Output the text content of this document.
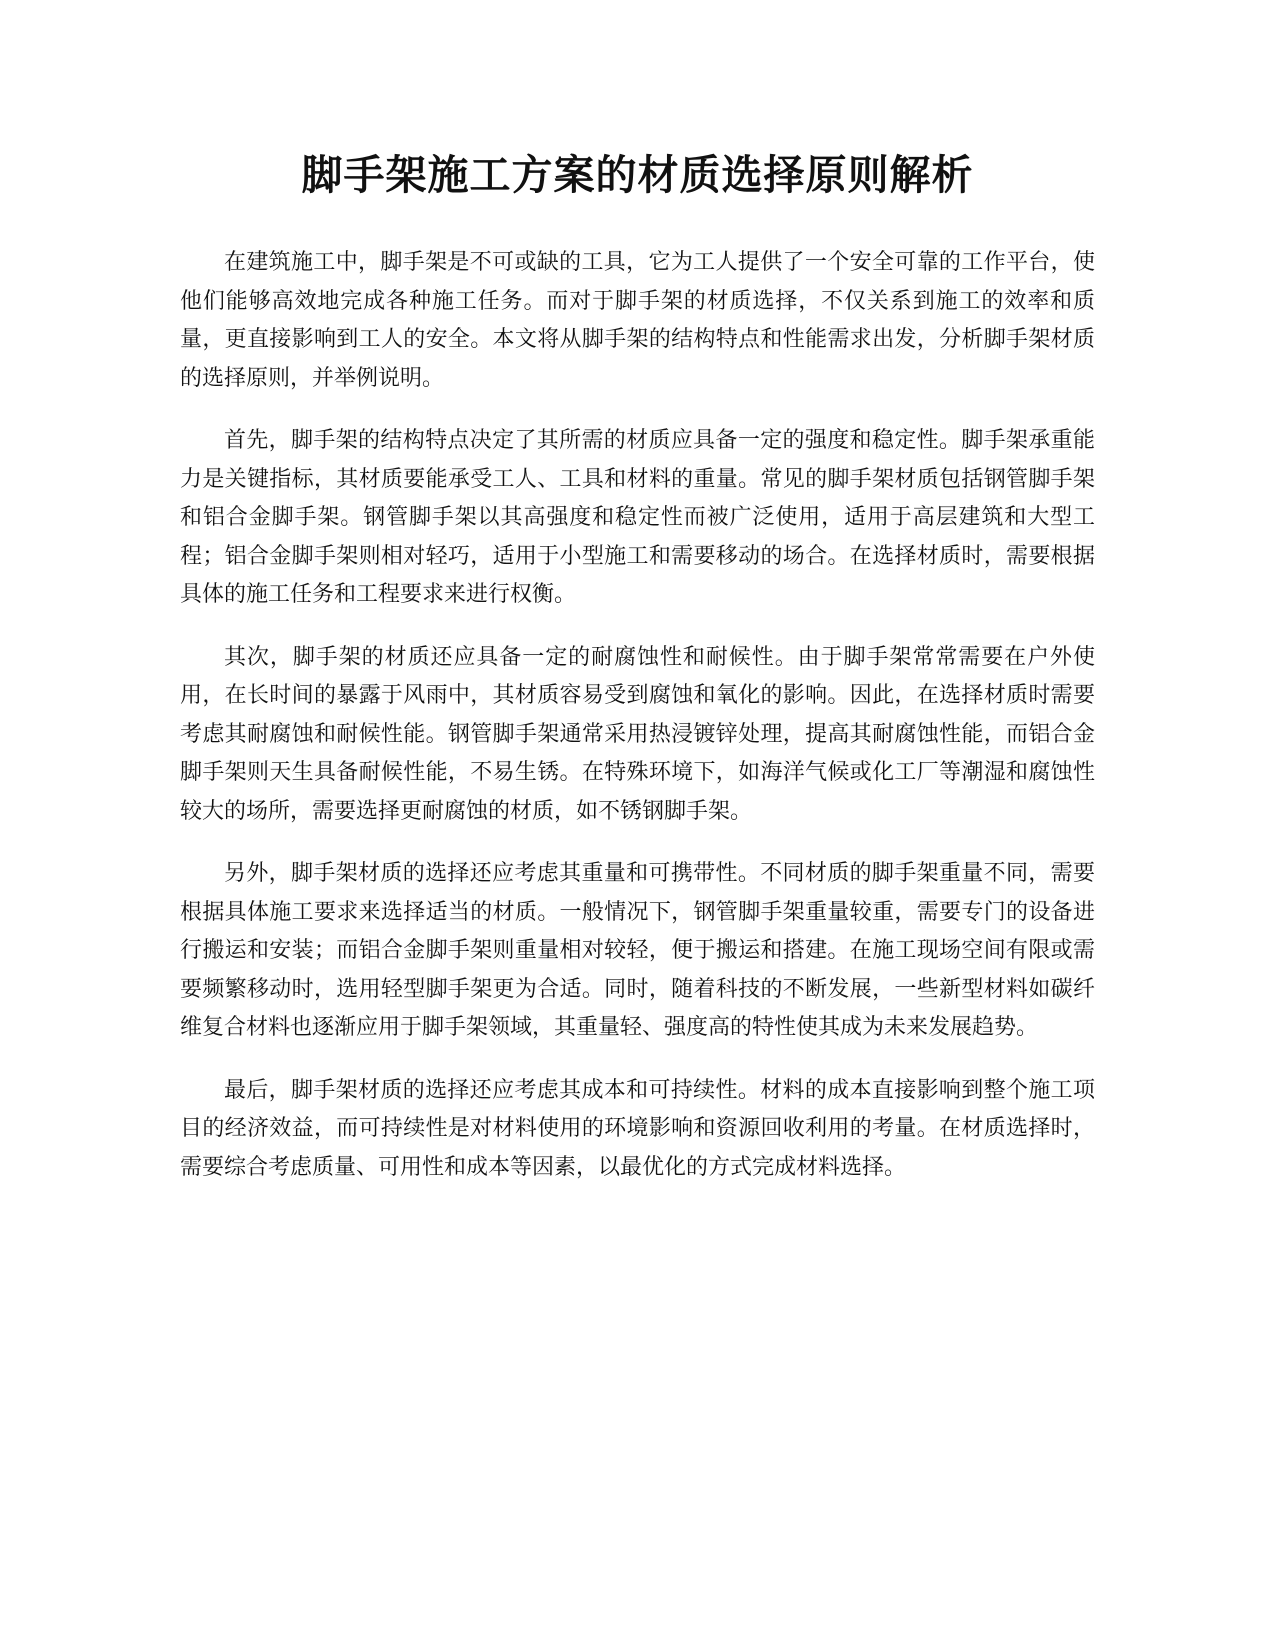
脚手架施工方案的材质选择原则解析

在建筑施工中，脚手架是不可或缺的工具，它为工人提供了一个安全可靠的工作平台，使他们能够高效地完成各种施工任务。而对于脚手架的材质选择，不仅关系到施工的效率和质量，更直接影响到工人的安全。本文将从脚手架的结构特点和性能需求出发，分析脚手架材质的选择原则，并举例说明。

首先，脚手架的结构特点决定了其所需的材质应具备一定的强度和稳定性。脚手架承重能力是关键指标，其材质要能承受工人、工具和材料的重量。常见的脚手架材质包括钢管脚手架和铝合金脚手架。钢管脚手架以其高强度和稳定性而被广泛使用，适用于高层建筑和大型工程；铝合金脚手架则相对轻巧，适用于小型施工和需要移动的场合。在选择材质时，需要根据具体的施工任务和工程要求来进行权衡。

其次，脚手架的材质还应具备一定的耐腐蚀性和耐候性。由于脚手架常常需要在户外使用，在长时间的暴露于风雨中，其材质容易受到腐蚀和氧化的影响。因此，在选择材质时需要考虑其耐腐蚀和耐候性能。钢管脚手架通常采用热浸镀锌处理，提高其耐腐蚀性能，而铝合金脚手架则天生具备耐候性能，不易生锈。在特殊环境下，如海洋气候或化工厂等潮湿和腐蚀性较大的场所，需要选择更耐腐蚀的材质，如不锈钢脚手架。

另外，脚手架材质的选择还应考虑其重量和可携带性。不同材质的脚手架重量不同，需要根据具体施工要求来选择适当的材质。一般情况下，钢管脚手架重量较重，需要专门的设备进行搬运和安装；而铝合金脚手架则重量相对较轻，便于搬运和搭建。在施工现场空间有限或需要频繁移动时，选用轻型脚手架更为合适。同时，随着科技的不断发展，一些新型材料如碳纤维复合材料也逐渐应用于脚手架领域，其重量轻、强度高的特性使其成为未来发展趋势。

最后，脚手架材质的选择还应考虑其成本和可持续性。材料的成本直接影响到整个施工项目的经济效益，而可持续性是对材料使用的环境影响和资源回收利用的考量。在材质选择时，需要综合考虑质量、可用性和成本等因素，以最优化的方式完成材料选择。
